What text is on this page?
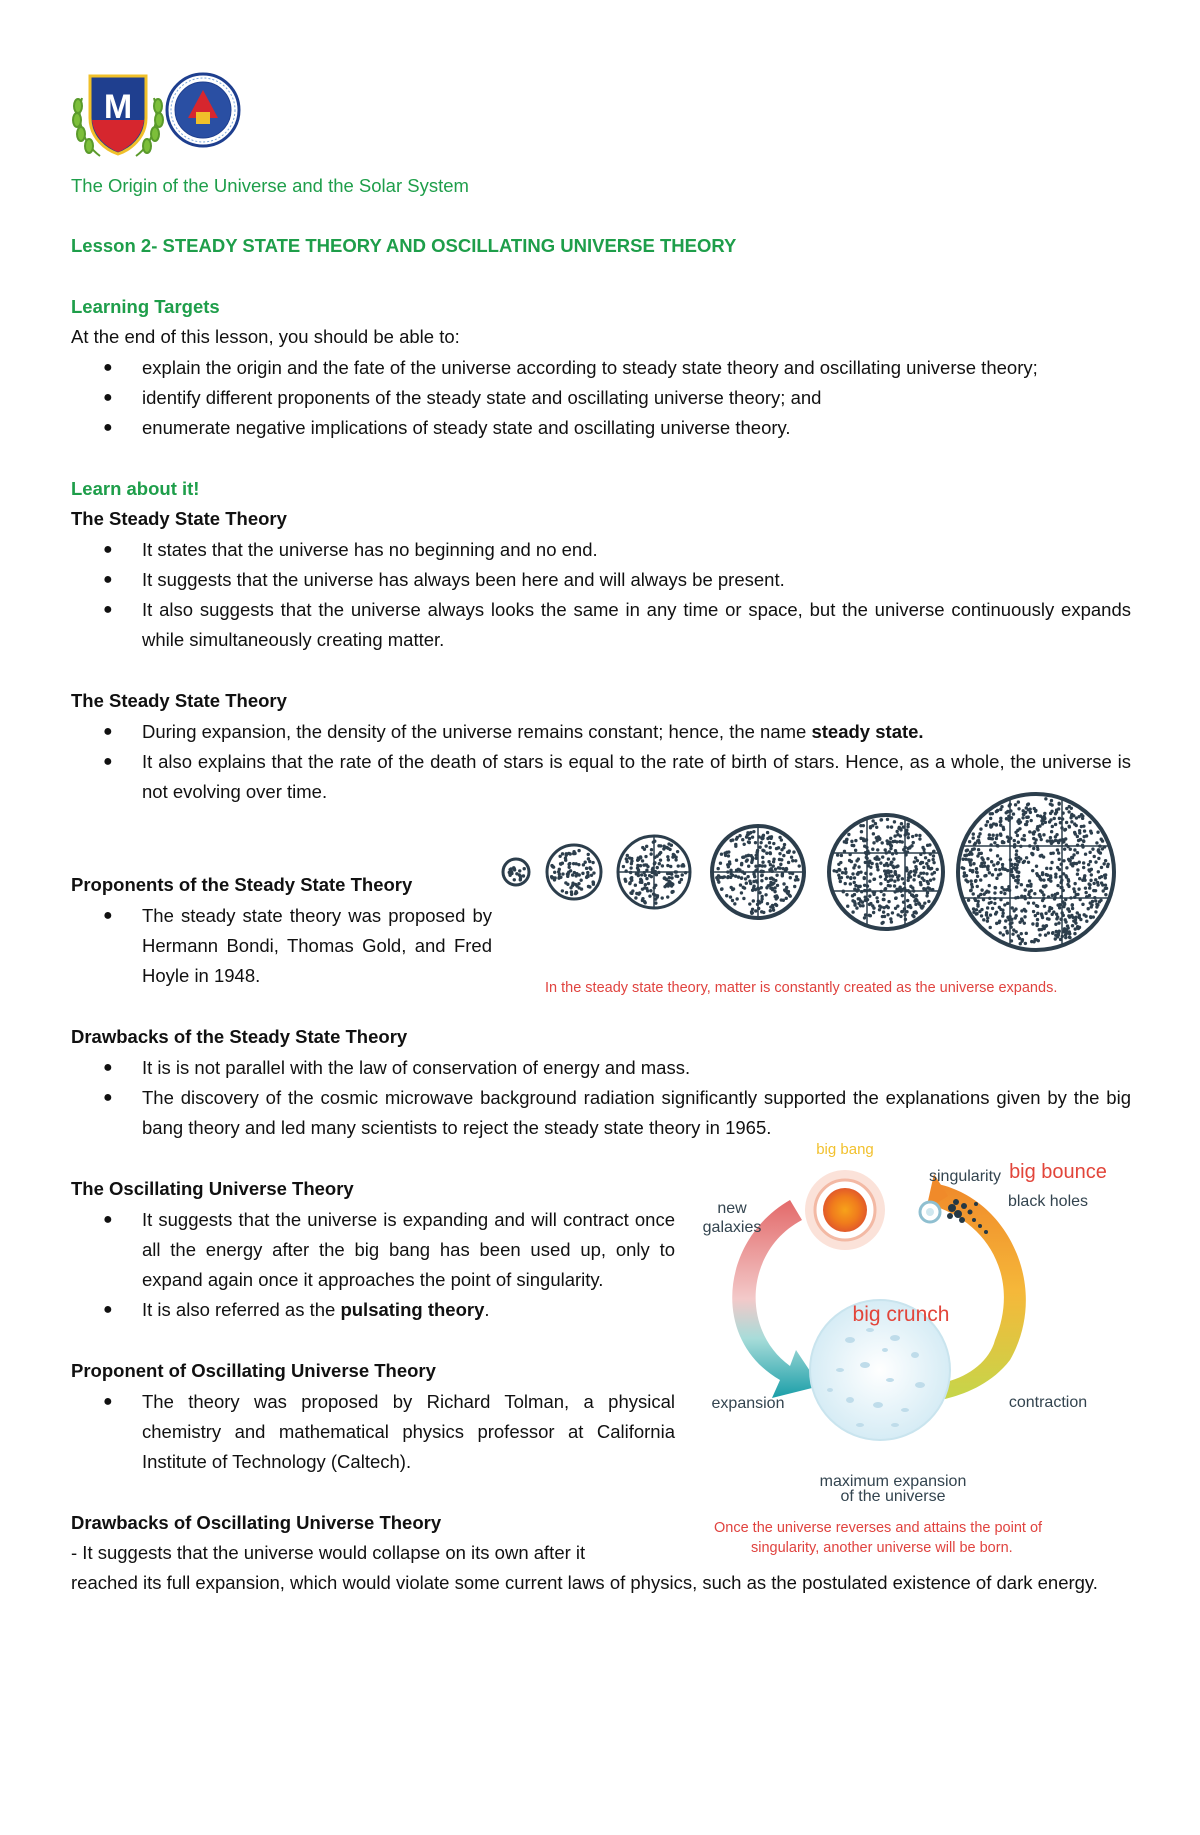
M
The Origin of the Universe and the Solar System
Lesson 2- STEADY STATE THEORY AND OSCILLATING UNIVERSE THEORY
Learning Targets
At the end of this lesson, you should be able to:
● explain the origin and the fate of the universe according to steady state theory and oscillating universe theory;
● identify different proponents of the steady state and oscillating universe theory; and
● enumerate negative implications of steady state and oscillating universe theory.
Learn about it!
The Steady State Theory
● It states that the universe has no beginning and no end.
● It suggests that the universe has always been here and will always be present.
● It also suggests that the universe always looks the same in any time or space, but the universe continuously expands while simultaneously creating matter.
The Steady State Theory
● During expansion, the density of the universe remains constant; hence, the name steady state.
● It also explains that the rate of the death of stars is equal to the rate of birth of stars. Hence, as a whole, the universe is not evolving over time.
In the steady state theory, matter is constantly created as the universe expands.
Proponents of the Steady State Theory
● The steady state theory was proposed by Hermann Bondi, Thomas Gold, and Fred Hoyle in 1948.
Drawbacks of the Steady State Theory
● It is is not parallel with the law of conservation of energy and mass.
● The discovery of the cosmic microwave background radiation significantly supported the explanations given by the big bang theory and led many scientists to reject the steady state theory in 1965.
The Oscillating Universe Theory
● It suggests that the universe is expanding and will contract once all the energy after the big bang has been used up, only to expand again once it approaches the point of singularity.
● It is also referred as the pulsating theory.
Proponent of Oscillating Universe Theory
● The theory was proposed by Richard Tolman, a physical chemistry and mathematical physics professor at California Institute of Technology (Caltech).
Drawbacks of Oscillating Universe Theory
- It suggests that the universe would collapse on its own after it
reached its full expansion, which would violate some current laws of physics, such as the postulated existence of dark energy.
big bang
singularity big bounce
black holes
new
galaxies
big crunch
expansion	contraction
maximum expansion
of the universe
Once the universe reverses and attains the point of
singularity, another universe will be born.
